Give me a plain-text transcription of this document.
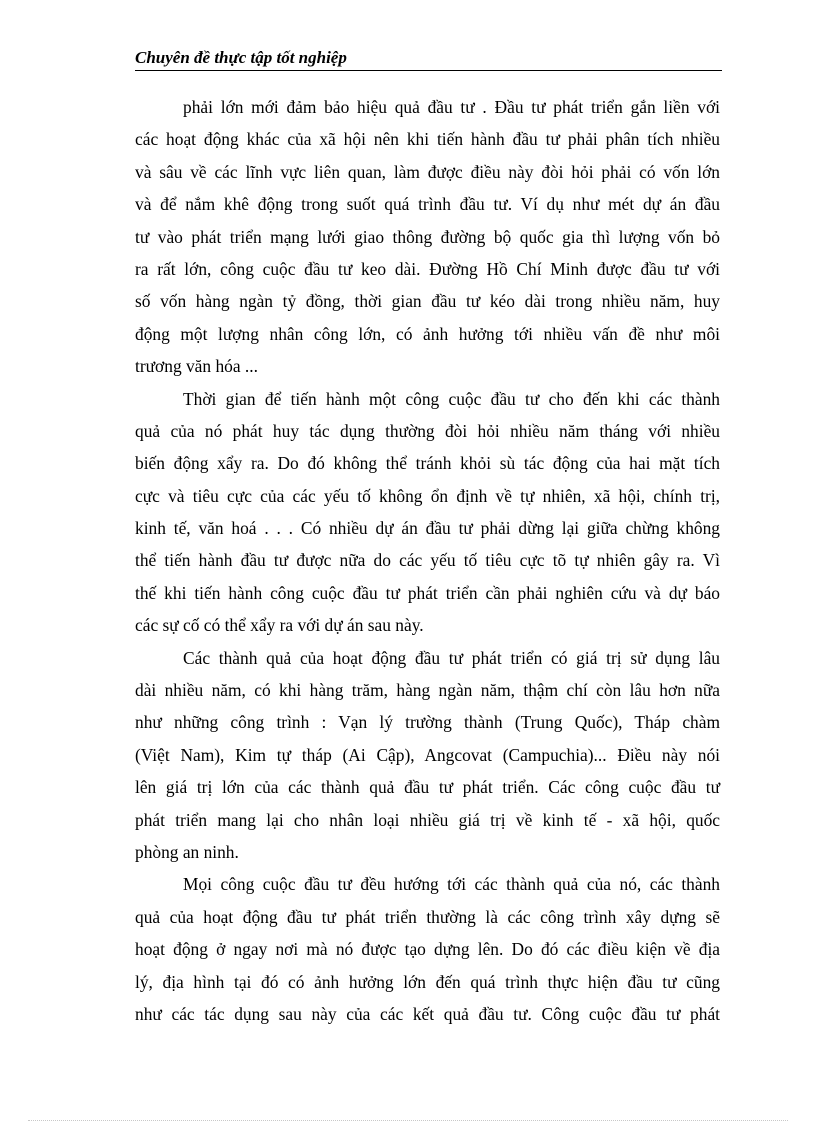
Chuyên đề thực tập tốt nghiệp
phải lớn mới đảm bảo hiệu quả đầu tư . Đầu tư phát triển gắn liền với
các hoạt động khác của xã hội nên khi tiến hành đầu tư phải phân tích nhiều
và sâu về các lĩnh vực liên quan, làm được điều này đòi hỏi phải có vốn lớn
và để nắm khê động trong suốt quá trình đầu tư. Ví dụ như mét dự án đầu
tư vào phát triển mạng lưới giao thông đường bộ quốc gia thì lượng vốn bỏ
ra rất lớn, công cuộc đầu tư keo dài. Đường Hồ Chí Minh được đầu tư với
số vốn hàng ngàn tỷ đồng, thời gian đầu tư kéo dài trong nhiều năm, huy
động một lượng nhân công lớn, có ảnh hưởng tới nhiều vấn đề như môi
trương văn hóa ...
Thời gian để tiến hành một công cuộc đầu tư cho đến khi các thành
quả của nó phát huy tác dụng thường đòi hỏi nhiều năm tháng với nhiều
biến động xẩy ra. Do đó không thể tránh khỏi sù tác động của hai mặt tích
cực và tiêu cực của các yếu tố không ổn định về tự nhiên, xã hội, chính trị,
kinh tế, văn hoá . . . Có nhiều dự án đầu tư phải dừng lại giữa chừng không
thể tiến hành đầu tư được nữa do các yếu tố tiêu cực tõ tự nhiên gây ra. Vì
thế khi tiến hành công cuộc đầu tư phát triển cần phải nghiên cứu và dự báo
các sự cố có thể xẩy ra với dự án sau này.
Các thành quả của hoạt động đầu tư phát triển có giá trị sử dụng lâu
dài nhiều năm, có khi hàng trăm, hàng ngàn năm, thậm chí còn lâu hơn nữa
như những công trình : Vạn lý trường thành (Trung Quốc), Tháp chàm
(Việt Nam), Kim tự tháp (Ai Cập), Angcovat (Campuchia)... Điều này nói
lên giá trị lớn của các thành quả đầu tư phát triển. Các công cuộc đầu tư
phát triển mang lại cho nhân loại nhiều giá trị về kinh tế - xã hội, quốc
phòng an ninh.
Mọi công cuộc đầu tư đều hướng tới các thành quả của nó, các thành
quả của hoạt động đầu tư phát triển thường là các công trình xây dựng sẽ
hoạt động ở ngay nơi mà nó được tạo dựng lên. Do đó các điều kiện về địa
lý, địa hình tại đó có ảnh hưởng lớn đến quá trình thực hiện đầu tư cũng
như các tác dụng sau này của các kết quả đầu tư. Công cuộc đầu tư phát
